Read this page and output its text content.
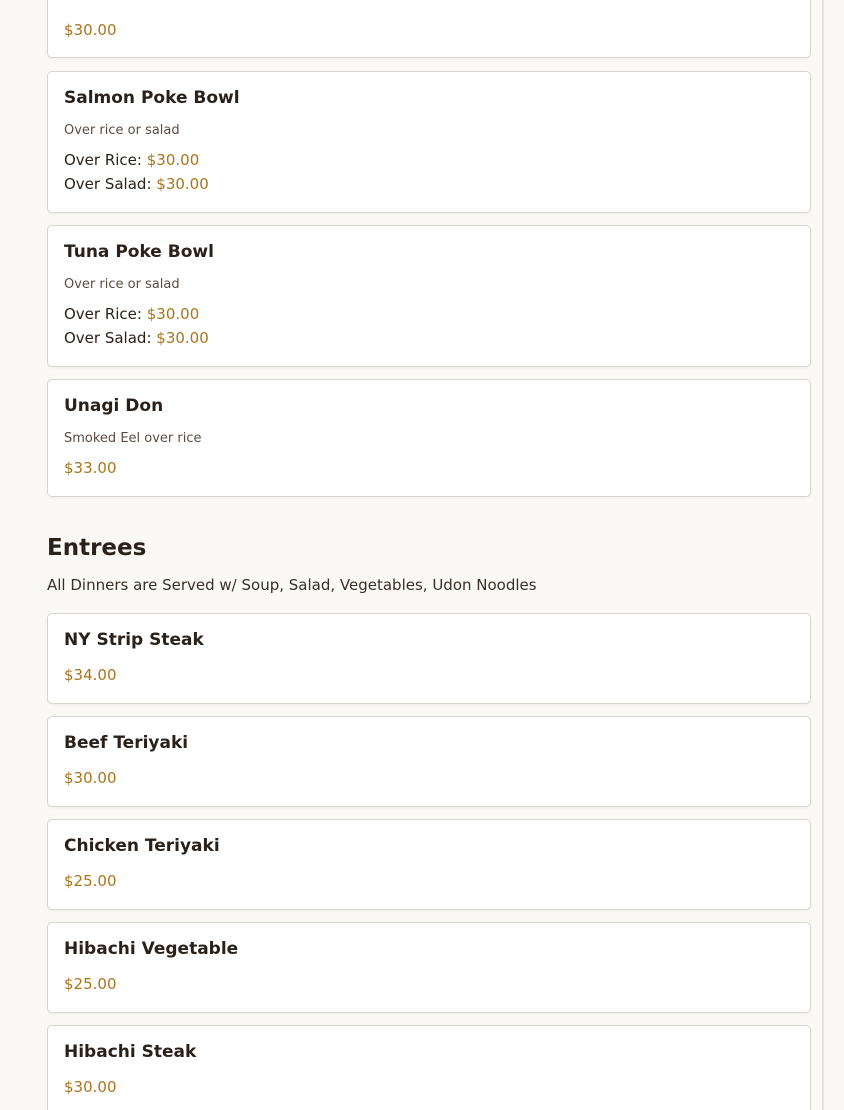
$30.00
Salmon Poke Bowl
Over rice or salad
Over Rice: $30.00
Over Salad: $30.00
Tuna Poke Bowl
Over rice or salad
Over Rice: $30.00
Over Salad: $30.00
Unagi Don
Smoked Eel over rice
$33.00
Entrees
All Dinners are Served w/ Soup, Salad, Vegetables, Udon Noodles
NY Strip Steak
$34.00
Beef Teriyaki
$30.00
Chicken Teriyaki
$25.00
Hibachi Vegetable
$25.00
Hibachi Steak
$30.00
